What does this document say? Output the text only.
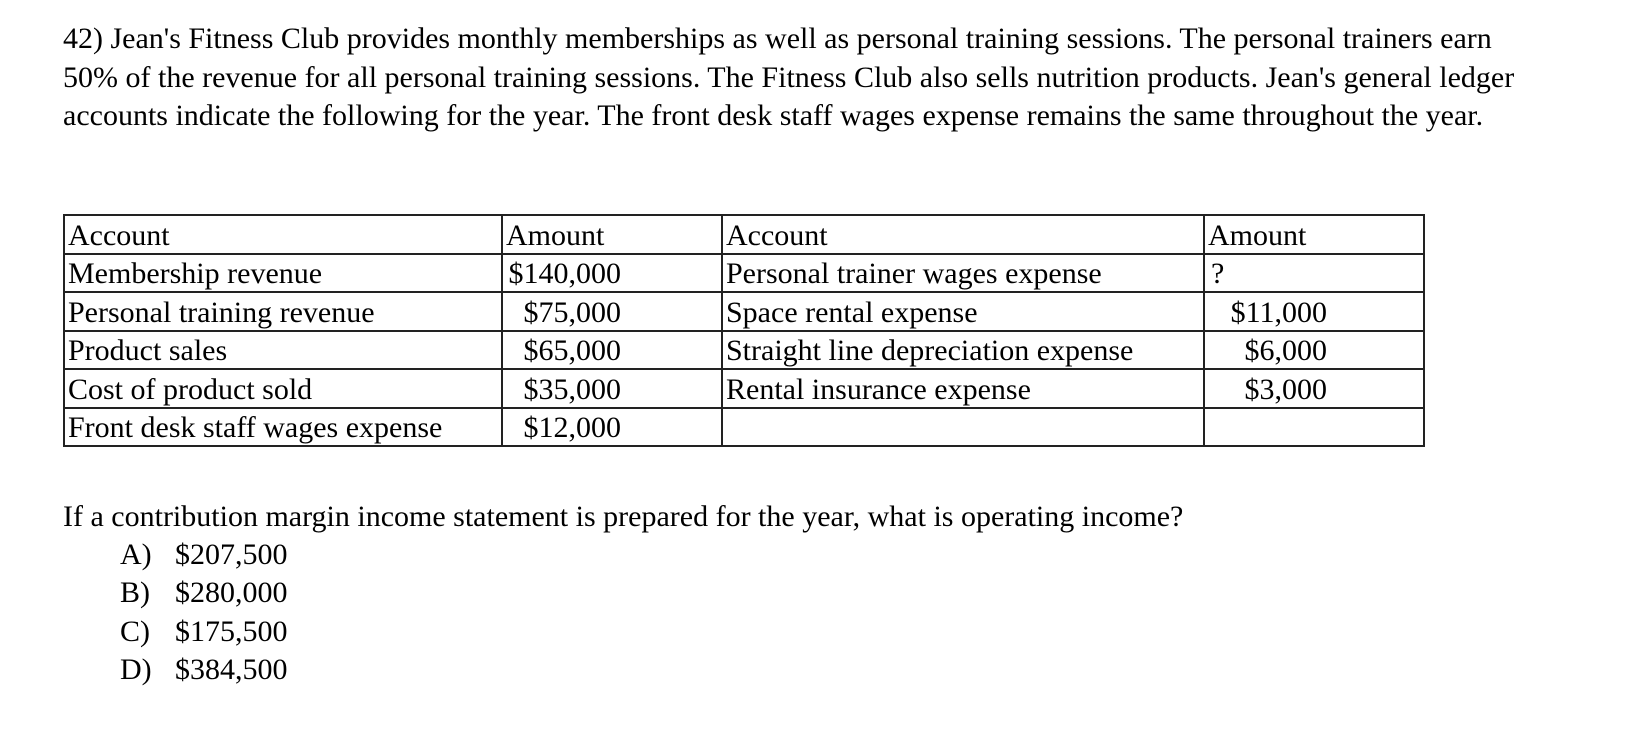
42) Jean's Fitness Club provides monthly memberships as well as personal training sessions. The personal trainers earn 50% of the revenue for all personal training sessions. The Fitness Club also sells nutrition products. Jean's general ledger accounts indicate the following for the year. The front desk staff wages expense remains the same throughout the year.
Account	Amount	Account	Amount
Membership revenue	$140,000	Personal trainer wages expense	?
Personal training revenue	$75,000	Space rental expense	$11,000
Product sales	$65,000	Straight line depreciation expense	$6,000
Cost of product sold	$35,000	Rental insurance expense	$3,000
Front desk staff wages expense	$12,000		
If a contribution margin income statement is prepared for the year, what is operating income?
A) $207,500
B) $280,000
C) $175,500
D) $384,500
